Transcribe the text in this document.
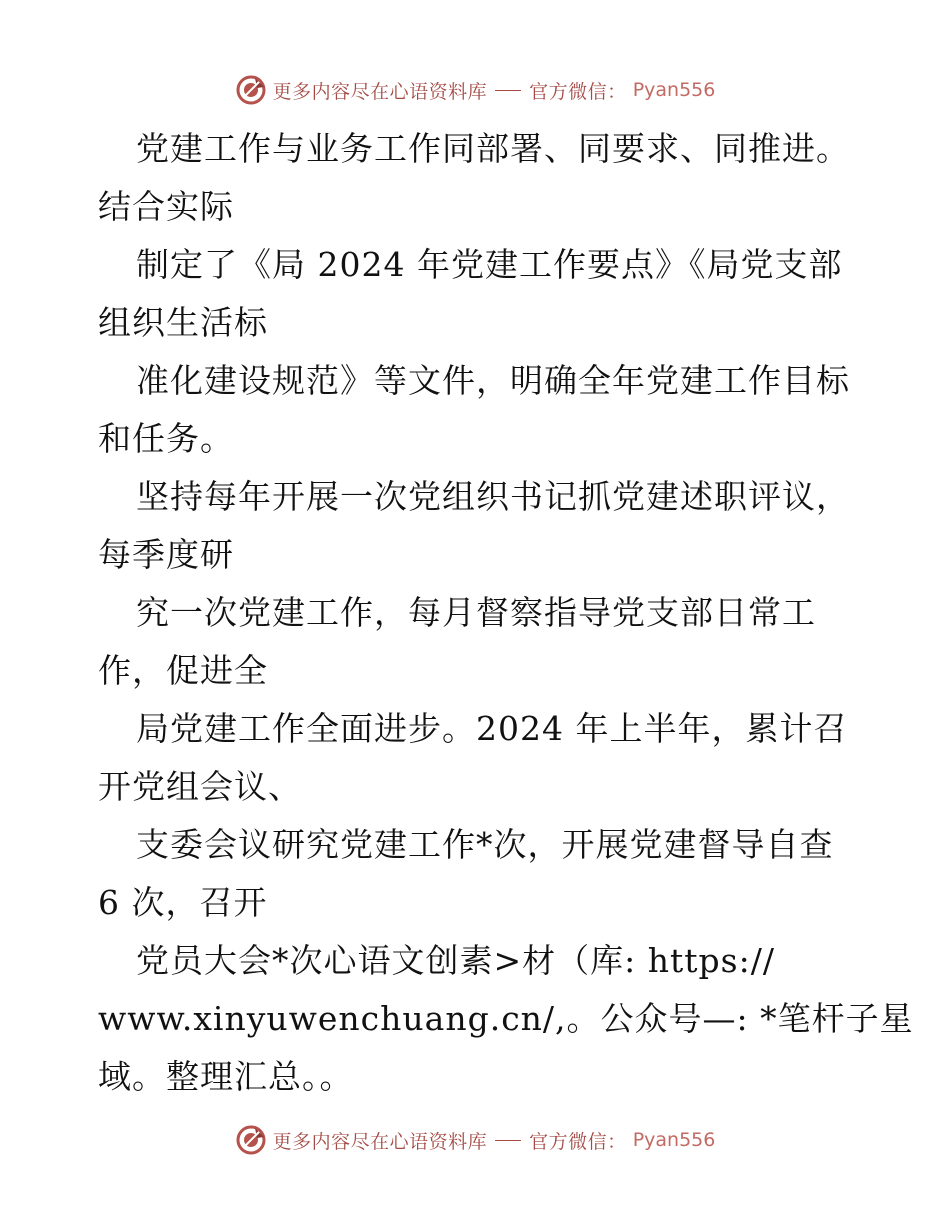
更多内容尽在心语资料库 官方微信： Pyan556
党建工作与业务工作同部署、同要求、同推进。
结合实际
制定了《局 2024 年党建工作要点》《局党支部
组织生活标
准化建设规范》等文件，明确全年党建工作目标
和任务。
坚持每年开展一次党组织书记抓党建述职评议，
每季度研
究一次党建工作，每月督察指导党支部日常工
作，促进全
局党建工作全面进步。2024 年上半年，累计召
开党组会议、
支委会议研究党建工作*次，开展党建督导自查
6 次，召开
党员大会*次心语文创素>材（库: https://
www.xinyuwenchuang.cn/,。公众号—: *笔杆子星
域。整理汇总。。
更多内容尽在心语资料库 官方微信： Pyan556
